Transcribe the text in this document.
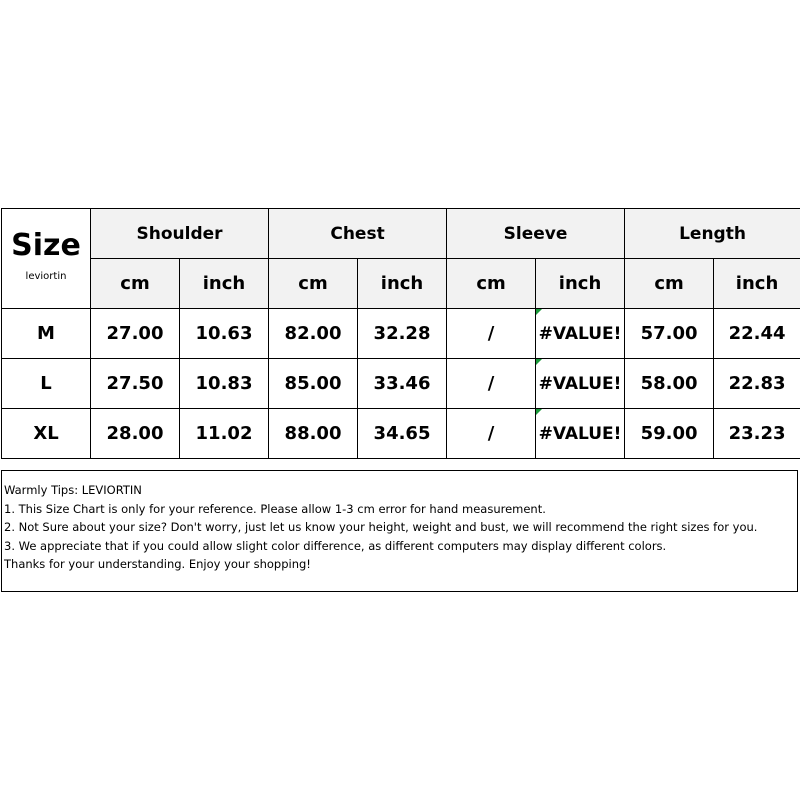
Size
leviortin	Shoulder		Chest		Sleeve		Length	
	cm	inch	cm	inch	cm	inch	cm	inch
M	27.00	10.63	82.00	32.28	/	#VALUE!	57.00	22.44
L	27.50	10.83	85.00	33.46	/	#VALUE!	58.00	22.83
XL	28.00	11.02	88.00	34.65	/	#VALUE!	59.00	23.23
Warmly Tips: LEVIORTIN
1. This Size Chart is only for your reference. Please allow 1-3 cm error for hand measurement.
2. Not Sure about your size? Don't worry, just let us know your height, weight and bust, we will recommend the right sizes for you.
3. We appreciate that if you could allow slight color difference, as different computers may display different colors.
Thanks for your understanding. Enjoy your shopping!
